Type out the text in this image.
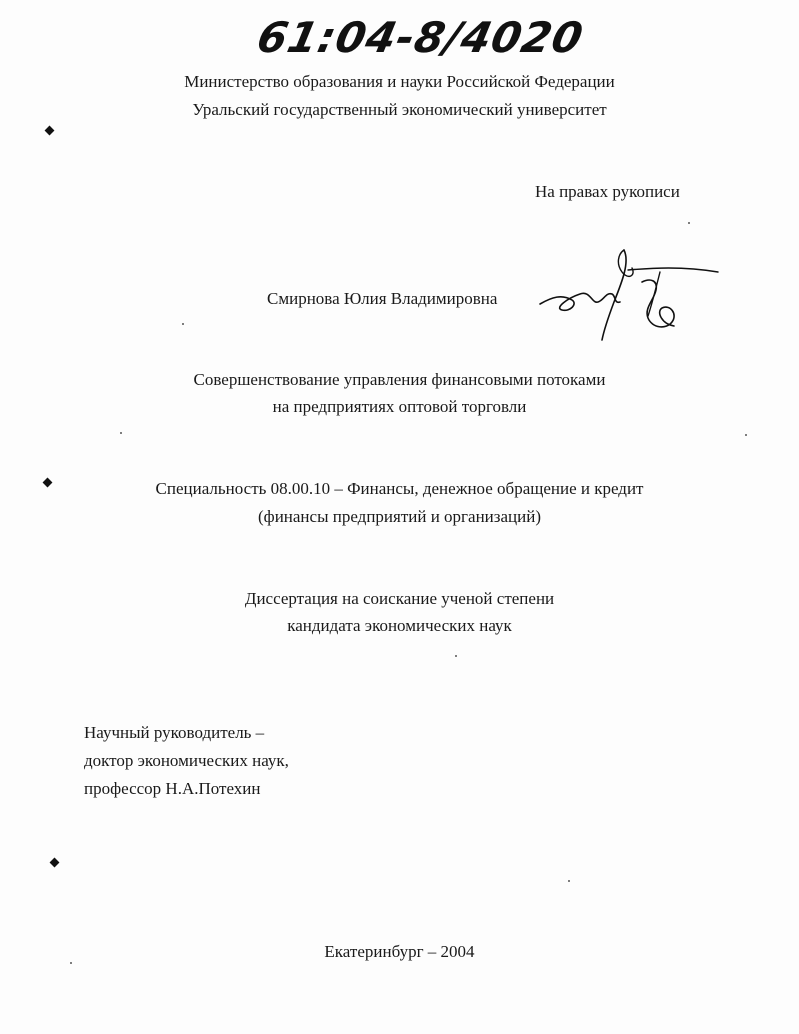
61:04-8/4020
Министерство образования и науки Российской Федерации
Уральский государственный экономический университет
На правах рукописи
Смирнова Юлия Владимировна
Совершенствование управления финансовыми потоками
на предприятиях оптовой торговли
Специальность 08.00.10 – Финансы, денежное обращение и кредит
(финансы предприятий и организаций)
Диссертация на соискание ученой степени
кандидата экономических наук
Научный руководитель –
доктор экономических наук,
профессор Н.А.Потехин
Екатеринбург – 2004
